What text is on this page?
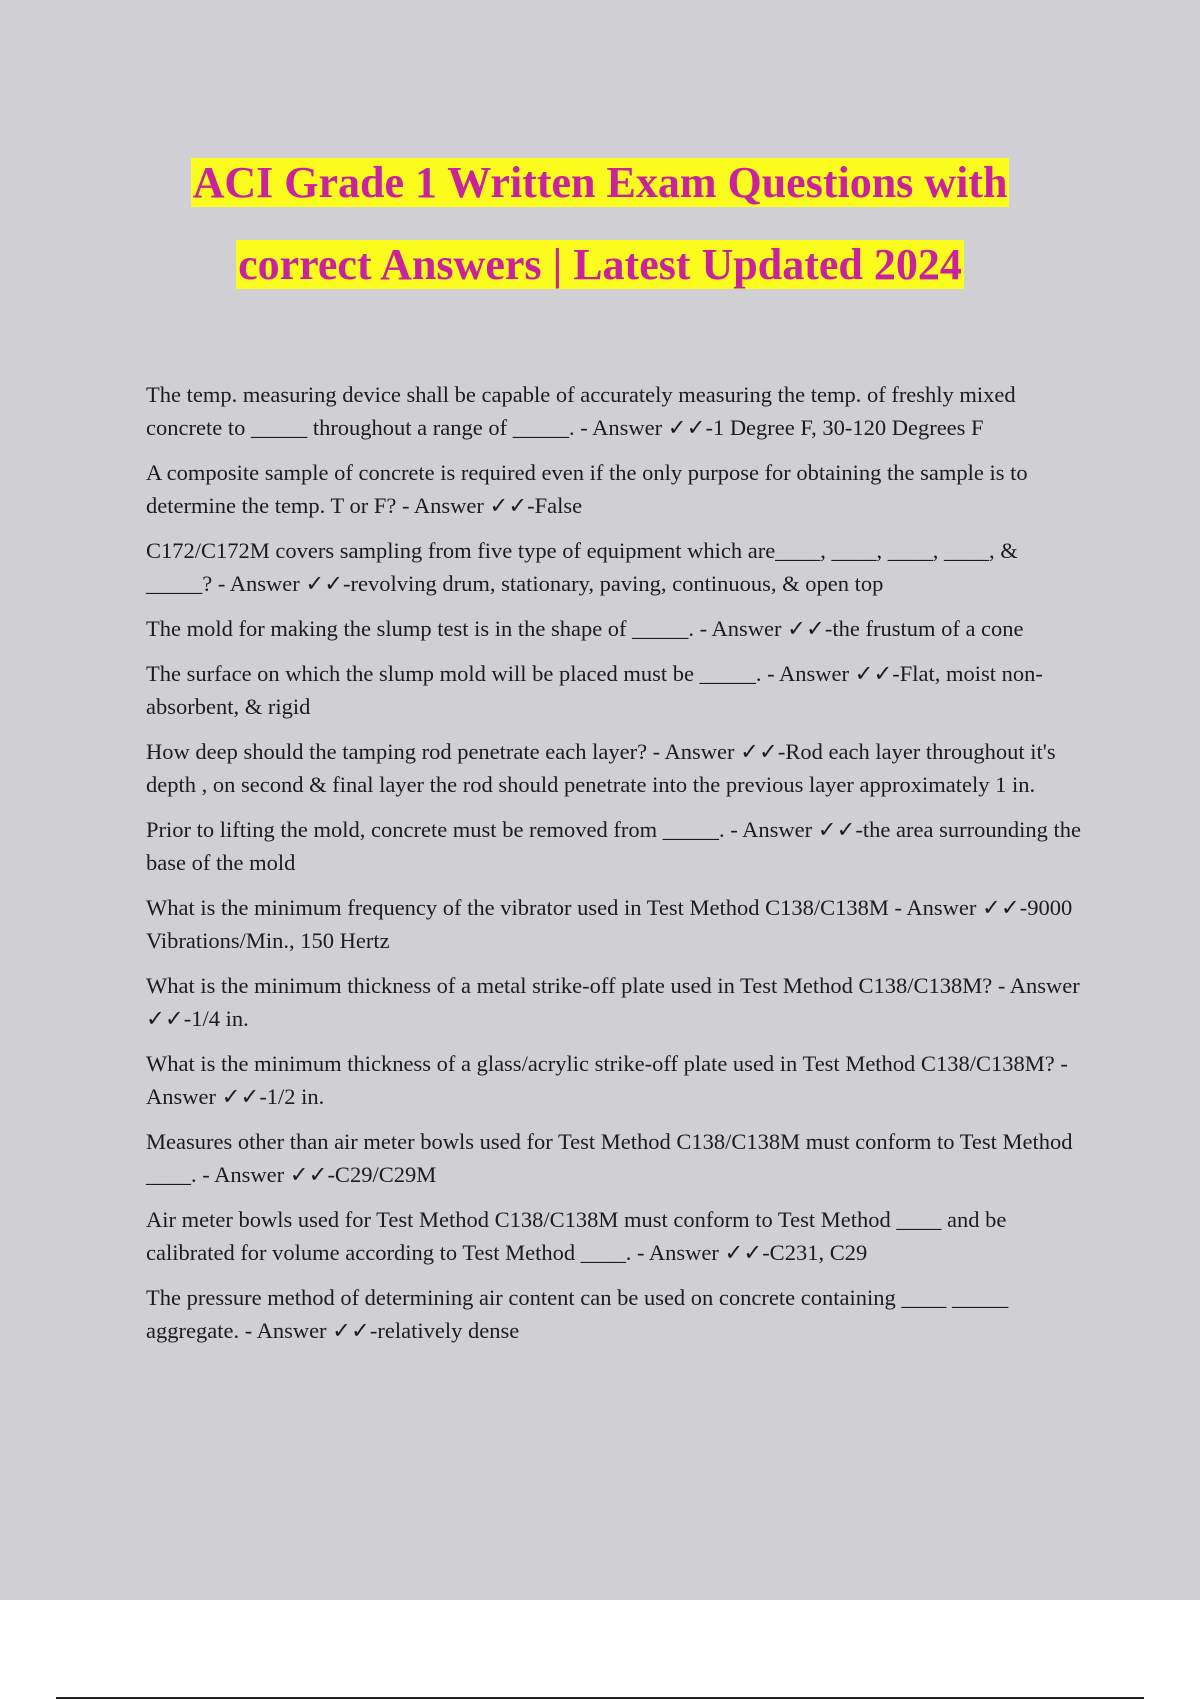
ACI Grade 1 Written Exam Questions with
correct Answers | Latest Updated 2024

The temp. measuring device shall be capable of accurately measuring the temp. of freshly mixed concrete to _____ throughout a range of _____. - Answer ✓✓-1 Degree F, 30-120 Degrees F

A composite sample of concrete is required even if the only purpose for obtaining the sample is to determine the temp. T or F? - Answer ✓✓-False

C172/C172M covers sampling from five type of equipment which are____, ____, ____, ____, & _____? - Answer ✓✓-revolving drum, stationary, paving, continuous, & open top

The mold for making the slump test is in the shape of _____. - Answer ✓✓-the frustum of a cone

The surface on which the slump mold will be placed must be _____. - Answer ✓✓-Flat, moist non-absorbent, & rigid

How deep should the tamping rod penetrate each layer? - Answer ✓✓-Rod each layer throughout it's depth , on second & final layer the rod should penetrate into the previous layer approximately 1 in.

Prior to lifting the mold, concrete must be removed from _____. - Answer ✓✓-the area surrounding the base of the mold

What is the minimum frequency of the vibrator used in Test Method C138/C138M - Answer ✓✓-9000 Vibrations/Min., 150 Hertz

What is the minimum thickness of a metal strike-off plate used in Test Method C138/C138M? - Answer ✓✓-1/4 in.

What is the minimum thickness of a glass/acrylic strike-off plate used in Test Method C138/C138M? - Answer ✓✓-1/2 in.

Measures other than air meter bowls used for Test Method C138/C138M must conform to Test Method ____. - Answer ✓✓-C29/C29M

Air meter bowls used for Test Method C138/C138M must conform to Test Method ____ and be calibrated for volume according to Test Method ____. - Answer ✓✓-C231, C29

The pressure method of determining air content can be used on concrete containing ____ _____ aggregate. - Answer ✓✓-relatively dense
